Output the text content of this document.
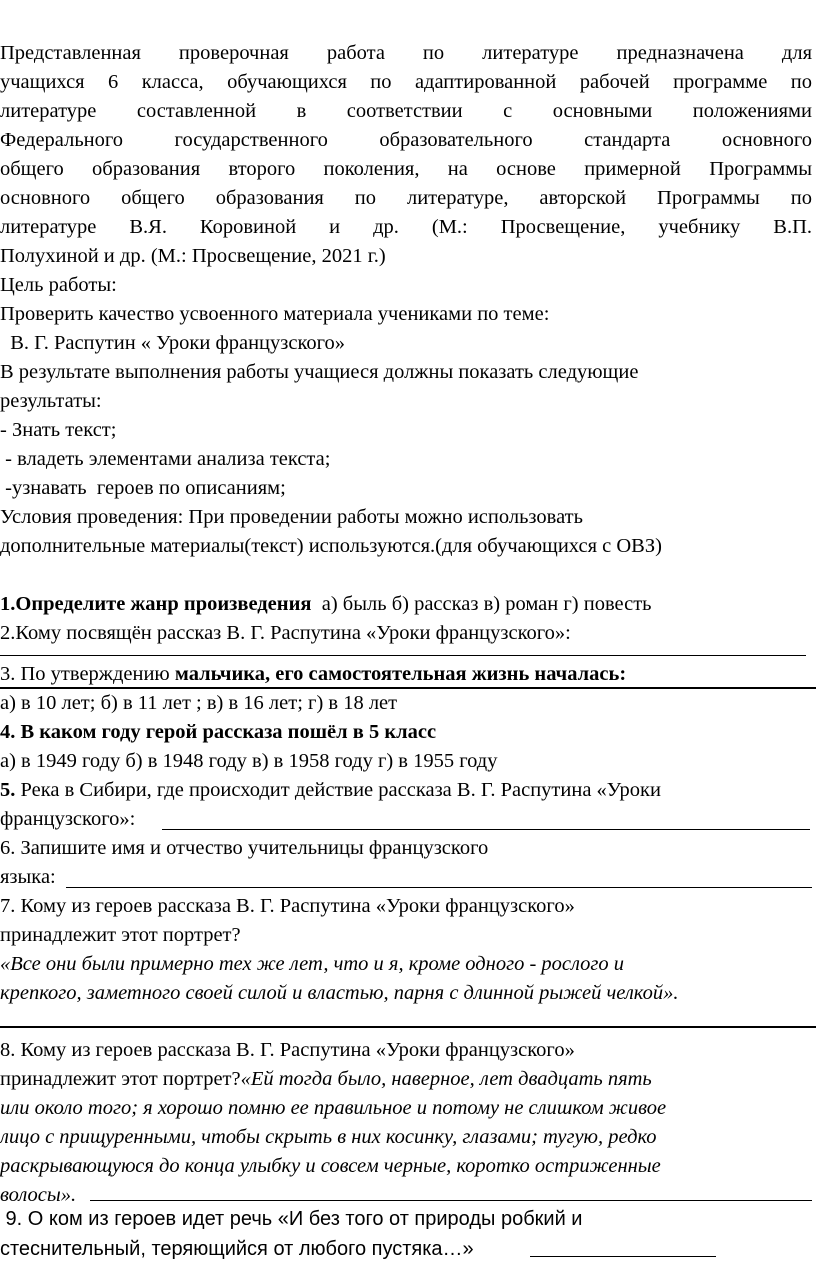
Представленная проверочная работа по литературе предназначена для
учащихся 6 класса, обучающихся по адаптированной рабочей программе по
литературе составленной в соответствии с основными положениями
Федерального государственного образовательного стандарта основного
общего образования второго поколения, на основе примерной Программы
основного общего образования по литературе, авторской Программы по
литературе В.Я. Коровиной и др. (М.: Просвещение, учебнику В.П.
Полухиной и др. (М.: Просвещение, 2021 г.)
Цель работы:
Проверить качество усвоенного материала учениками по теме:
В. Г. Распутин « Уроки французского»
В результате выполнения работы учащиеся должны показать следующие
результаты:
- Знать текст;
- владеть элементами анализа текста;
-узнавать  героев по описаниям;
Условия проведения: При проведении работы можно использовать
дополнительные материалы(текст) используются.(для обучающихся с ОВЗ)
1.Определите жанр произведения  а) быль б) рассказ в) роман г) повесть
2.Кому посвящён рассказ В. Г. Распутина «Уроки французского»:
3. По утверждению мальчика, его самостоятельная жизнь началась:
а) в 10 лет; б) в 11 лет ; в) в 16 лет; г) в 18 лет
4. В каком году герой рассказа пошёл в 5 класс
а) в 1949 году б) в 1948 году в) в 1958 году г) в 1955 году
5. Река в Сибири, где происходит действие рассказа В. Г. Распутина «Уроки
французского»:
6. Запишите имя и отчество учительницы французского
языка:
7. Кому из героев рассказа В. Г. Распутина «Уроки французского»
принадлежит этот портрет?
«Все они были примерно тех же лет, что и я, кроме одного - рослого и
крепкого, заметного своей силой и властью, парня с длинной рыжей челкой».
8. Кому из героев рассказа В. Г. Распутина «Уроки французского»
принадлежит этот портрет?«Ей тогда было, наверное, лет двадцать пять
или около того; я хорошо помню ее правильное и потому не слишком живое
лицо с прищуренными, чтобы скрыть в них косинку, глазами; тугую, редко
раскрывающуюся до конца улыбку и совсем черные, коротко остриженные
волосы».
9. О ком из героев идет речь «И без того от природы робкий и
стеснительный, теряющийся от любого пустяка…»
